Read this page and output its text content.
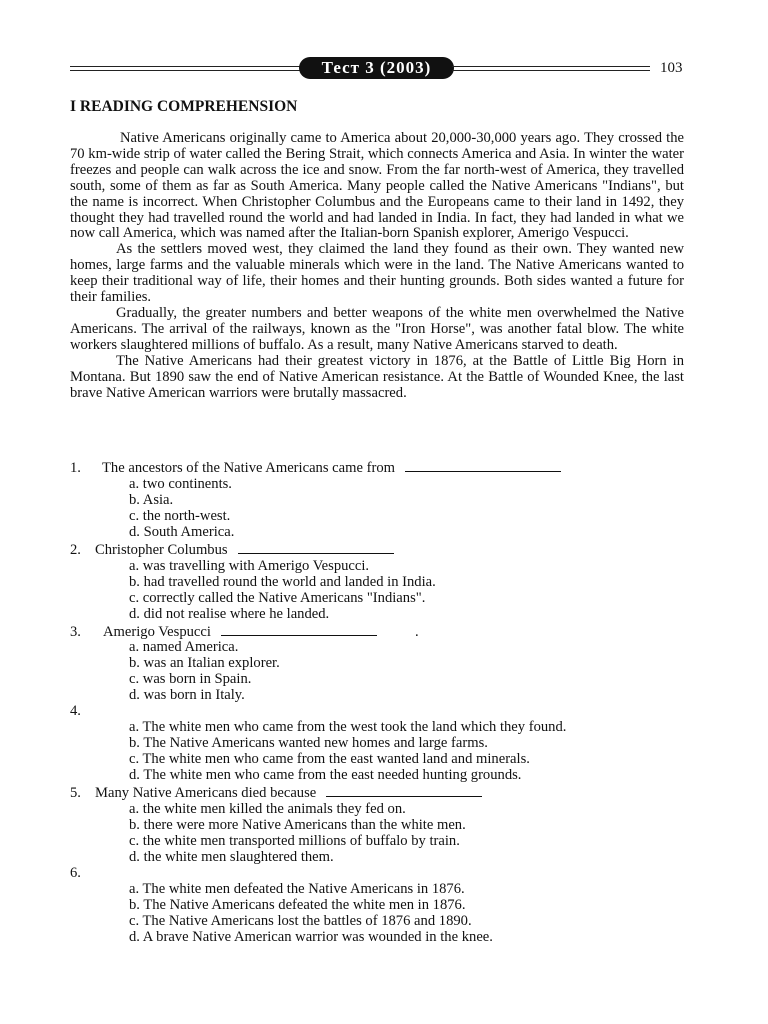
Тест 3 (2003)	103
I READING COMPREHENSION

Native Americans originally came to America about 20,000-30,000 years ago. They crossed the 70 km-wide strip of water called the Bering Strait, which connects America and Asia. In winter the water freezes and people can walk across the ice and snow. From the far north-west of America, they travelled south, some of them as far as South America. Many people called the Native Americans "Indians", but the name is incorrect. When Christopher Columbus and the Europeans came to their land in 1492, they thought they had travelled round the world and had landed in India. In fact, they had landed in what we now call America, which was named after the Italian-born Spanish explorer, Amerigo Vespucci.

As the settlers moved west, they claimed the land they found as their own. They wanted new homes, large farms and the valuable minerals which were in the land. The Native Americans wanted to keep their traditional way of life, their homes and their hunting grounds. Both sides wanted a future for their families.

Gradually, the greater numbers and better weapons of the white men overwhelmed the Native Americans. The arrival of the railways, known as the "Iron Horse", was another fatal blow. The white workers slaughtered millions of buffalo. As a result, many Native Americans starved to death.

The Native Americans had their greatest victory in 1876, at the Battle of Little Big Horn in Montana. But 1890 saw the end of Native American resistance. At the Battle of Wounded Knee, the last brave Native American warriors were brutally massacred.

1. The ancestors of the Native Americans came from
a. two continents.
b. Asia.
c. the north-west.
d. South America.
2. Christopher Columbus
a. was travelling with Amerigo Vespucci.
b. had travelled round the world and landed in India.
c. correctly called the Native Americans "Indians".
d. did not realise where he landed.
3. Amerigo Vespucci	.
a. named America.
b. was an Italian explorer.
c. was born in Spain.
d. was born in Italy.
4.
a. The white men who came from the west took the land which they found.
b. The Native Americans wanted new homes and large farms.
c. The white men who came from the east wanted land and minerals.
d. The white men who came from the east needed hunting grounds.
5. Many Native Americans died because
a. the white men killed the animals they fed on.
b. there were more Native Americans than the white men.
c. the white men transported millions of buffalo by train.
d. the white men slaughtered them.
6.
a. The white men defeated the Native Americans in 1876.
b. The Native Americans defeated the white men in 1876.
c. The Native Americans lost the battles of 1876 and 1890.
d. A brave Native American warrior was wounded in the knee.
